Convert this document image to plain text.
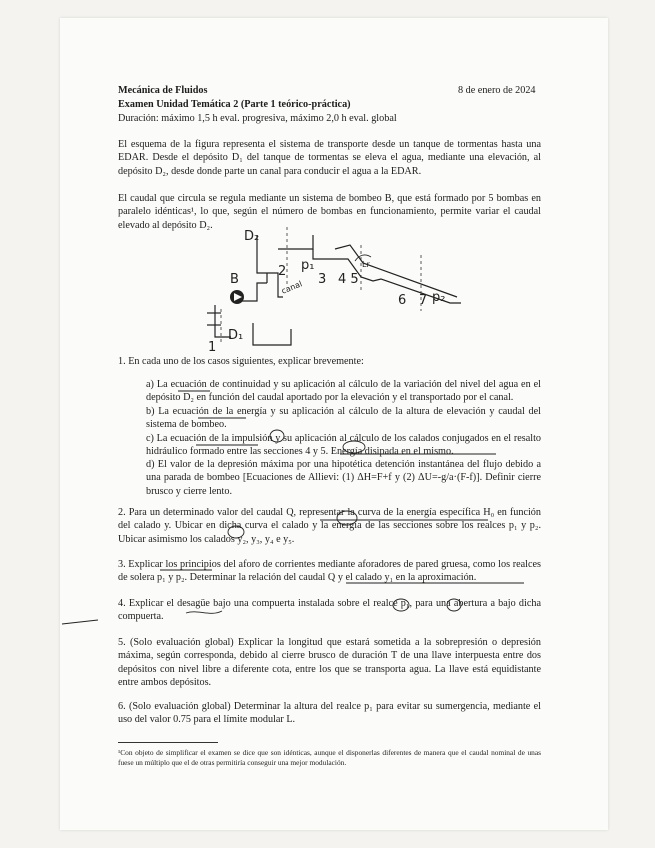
Mecánica de Fluidos	8 de enero de 2024
Examen Unidad Temática 2 (Parte 1 teórico-práctica)
Duración: máximo 1,5 h eval. progresiva, máximo 2,0 h eval. global
El esquema de la figura representa el sistema de transporte desde un tanque de tormentas hasta una EDAR. Desde el depósito D₁ del tanque de tormentas se eleva el agua, mediante una elevación, al depósito D₂, desde donde parte un canal para conducir el agua a la EDAR.
El caudal que circula se regula mediante un sistema de bombeo B, que está formado por 5 bombas en paralelo idénticas¹, lo que, según el número de bombas en funcionamiento, permite variar el caudal elevado al depósito D₂.
D₂
D₁
B
1
2 p₁
3 4 5
6 7 p₂
canal
Lr
1. En cada uno de los casos siguientes, explicar brevemente:
a) La ecuación de continuidad y su aplicación al cálculo de la variación del nivel del agua en el depósito D₂ en función del caudal aportado por la elevación y el transportado por el canal.
b) La ecuación de la energía y su aplicación al cálculo de la altura de elevación y caudal del sistema de bombeo.
c) La ecuación de la impulsión y su aplicación al cálculo de los calados conjugados en el resalto hidráulico formado entre las secciones 4 y 5. Energía disipada en el mismo.
d) El valor de la depresión máxima por una hipotética detención instantánea del flujo debido a una parada de bombeo [Ecuaciones de Allievi: (1) ΔH=F+f y (2) ΔU=-g/a·(F-f)]. Definir cierre brusco y cierre lento.
2. Para un determinado valor del caudal Q, representar la curva de la energía específica H₀ en función del calado y. Ubicar en dicha curva el calado y la energía de las secciones sobre los realces p₁ y p₂. Ubicar asimismo los calados y₂, y₃, y₄ e y₅.
3. Explicar los principios del aforo de corrientes mediante aforadores de pared gruesa, como los realces de solera p₁ y p₂. Determinar la relación del caudal Q y el calado y₁ en la aproximación.
4. Explicar el desagüe bajo una compuerta instalada sobre el realce p₁, para una abertura a bajo dicha compuerta.
5. (Solo evaluación global) Explicar la longitud que estará sometida a la sobrepresión o depresión máxima, según corresponda, debido al cierre brusco de duración T de una llave interpuesta entre dos depósitos con nivel libre a diferente cota, entre los que se transporta agua. La llave está equidistante entre ambos depósitos.
6. (Solo evaluación global) Determinar la altura del realce p₁ para evitar su sumergencia, mediante el uso del valor 0.75 para el límite modular L.
¹Con objeto de simplificar el examen se dice que son idénticas, aunque el disponerlas diferentes de manera que el caudal nominal de unas fuese un múltiplo que el de otras permitiría conseguir una mejor modulación.
